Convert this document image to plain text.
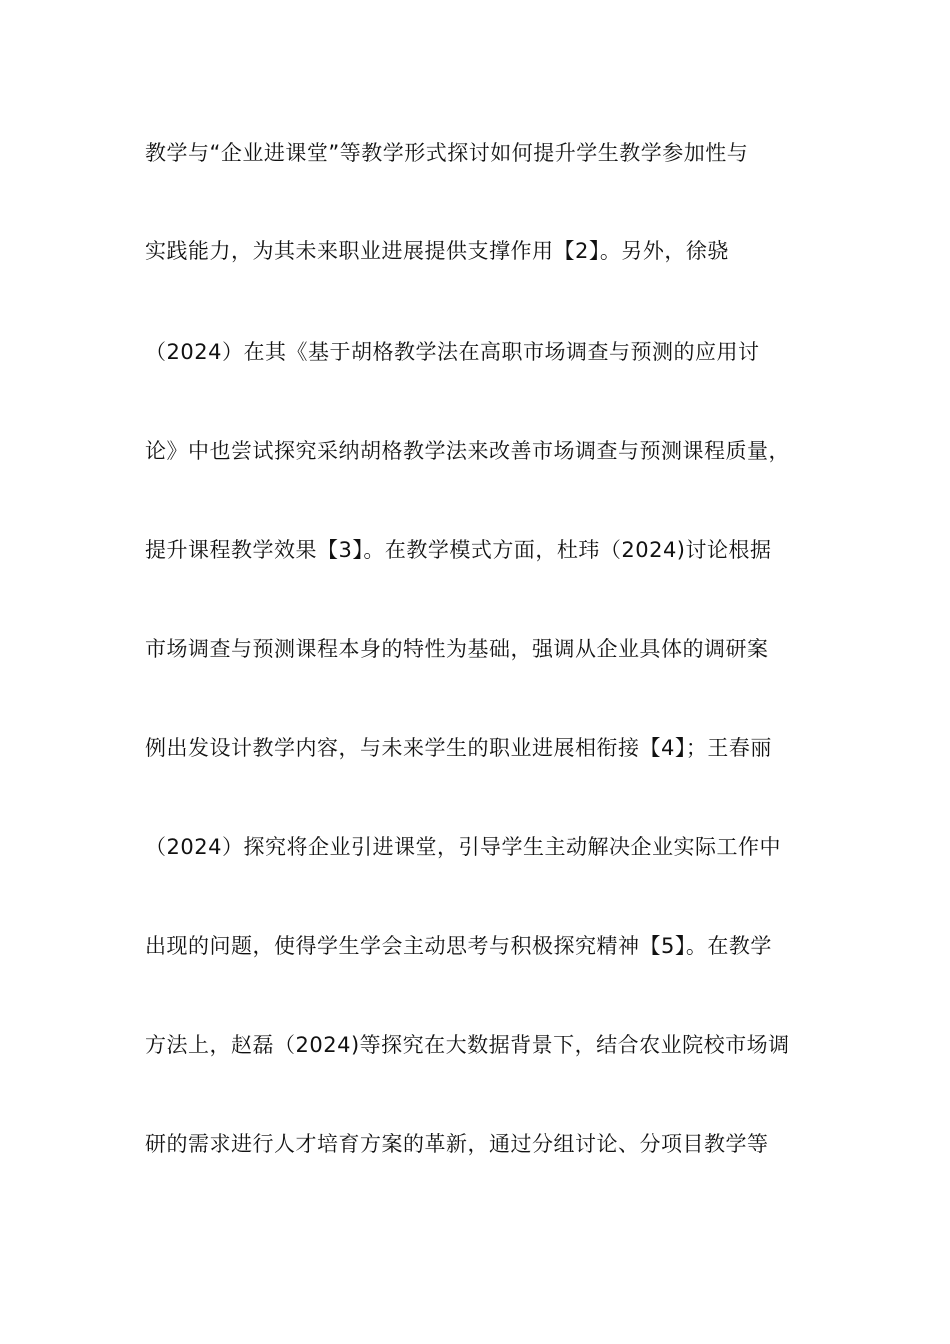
教学与“企业进课堂”等教学形式探讨如何提升学生教学参加性与
实践能力，为其未来职业进展提供支撑作用【2】。另外，徐骁
（2024）在其《基于胡格教学法在高职市场调查与预测的应用讨
论》中也尝试探究采纳胡格教学法来改善市场调查与预测课程质量，
提升课程教学效果【3】。在教学模式方面，杜玮（2024)讨论根据
市场调查与预测课程本身的特性为基础，强调从企业具体的调研案
例出发设计教学内容，与未来学生的职业进展相衔接【4】；王春丽
（2024）探究将企业引进课堂，引导学生主动解决企业实际工作中
出现的问题，使得学生学会主动思考与积极探究精神【5】。在教学
方法上，赵磊（2024)等探究在大数据背景下，结合农业院校市场调
研的需求进行人才培育方案的革新，通过分组讨论、分项目教学等
